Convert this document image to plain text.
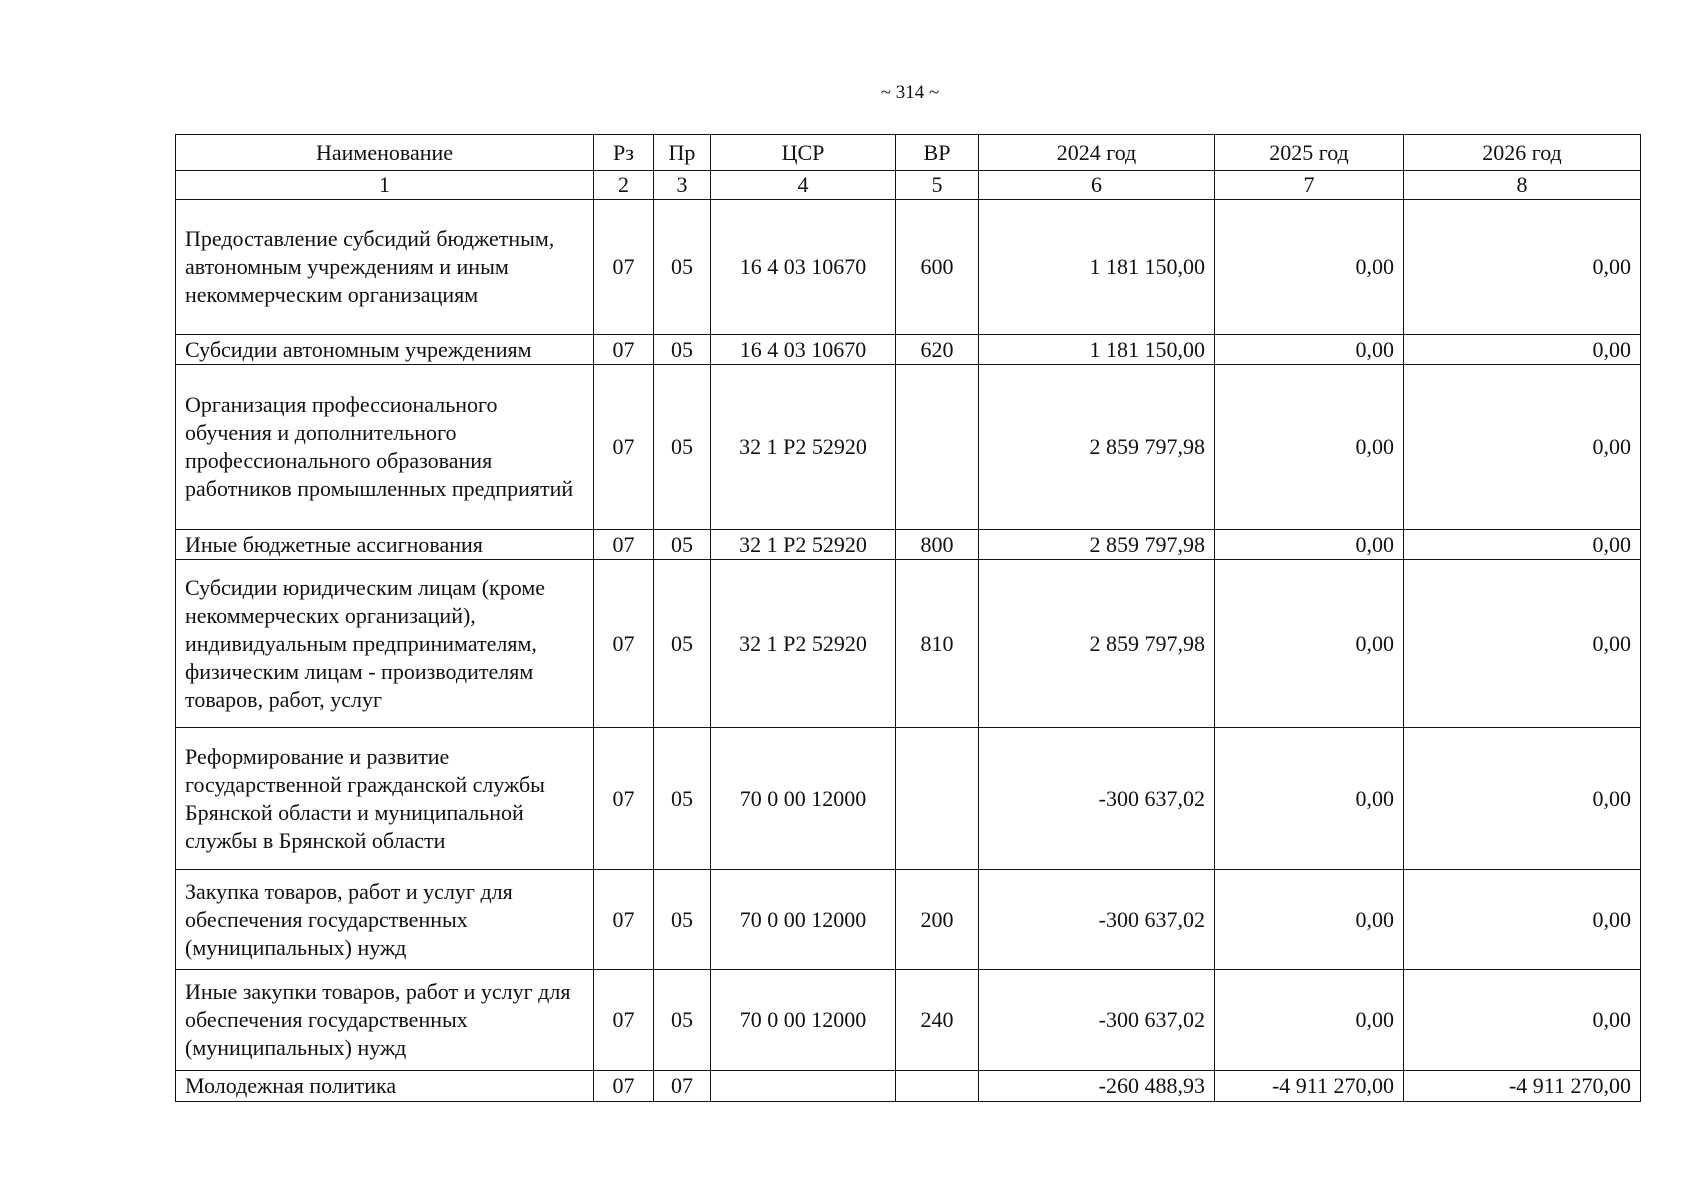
~ 314 ~
Наименование	Рз	Пр	ЦСР	ВР	2024 год	2025 год	2026 год
1	2	3	4	5	6	7	8
Предоставление субсидий бюджетным, автономным учреждениям и иным некоммерческим организациям	07	05	16 4 03 10670	600	1 181 150,00	0,00	0,00
Субсидии автономным учреждениям	07	05	16 4 03 10670	620	1 181 150,00	0,00	0,00
Организация профессионального обучения и дополнительного профессионального образования работников промышленных предприятий	07	05	32 1 P2 52920		2 859 797,98	0,00	0,00
Иные бюджетные ассигнования	07	05	32 1 P2 52920	800	2 859 797,98	0,00	0,00
Субсидии юридическим лицам (кроме некоммерческих организаций), индивидуальным предпринимателям, физическим лицам - производителям товаров, работ, услуг	07	05	32 1 P2 52920	810	2 859 797,98	0,00	0,00
Реформирование и развитие государственной гражданской службы Брянской области и муниципальной службы в Брянской области	07	05	70 0 00 12000		-300 637,02	0,00	0,00
Закупка товаров, работ и услуг для обеспечения государственных (муниципальных) нужд	07	05	70 0 00 12000	200	-300 637,02	0,00	0,00
Иные закупки товаров, работ и услуг для обеспечения государственных (муниципальных) нужд	07	05	70 0 00 12000	240	-300 637,02	0,00	0,00
Молодежная политика	07	07			-260 488,93	-4 911 270,00	-4 911 270,00
